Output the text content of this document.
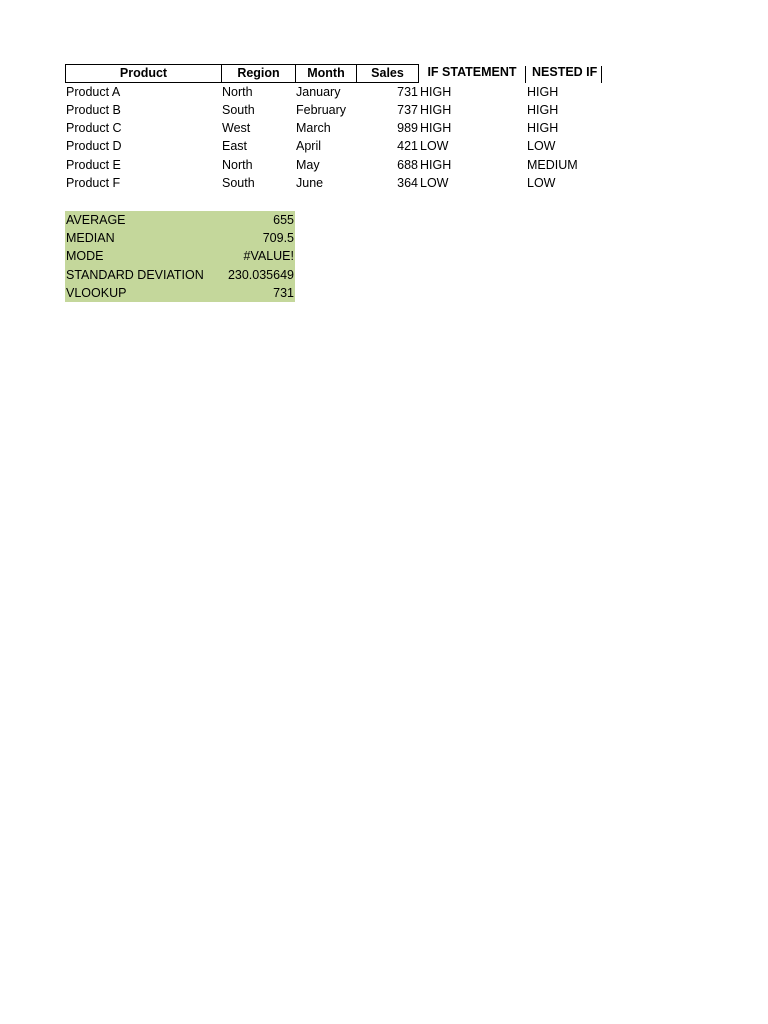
Product	Region	Month	Sales	IF STATEMENT	NESTED IF
Product A	North	January	731 HIGH	HIGH
Product B	South	February	737 HIGH	HIGH
Product C	West	March	989 HIGH	HIGH
Product D	East	April	421 LOW	LOW
Product E	North	May	688 HIGH	MEDIUM
Product F	South	June	364 LOW	LOW
AVERAGE	655
MEDIAN	709.5
MODE	#VALUE!
STANDARD DEVIATION	230.035649
VLOOKUP	731
